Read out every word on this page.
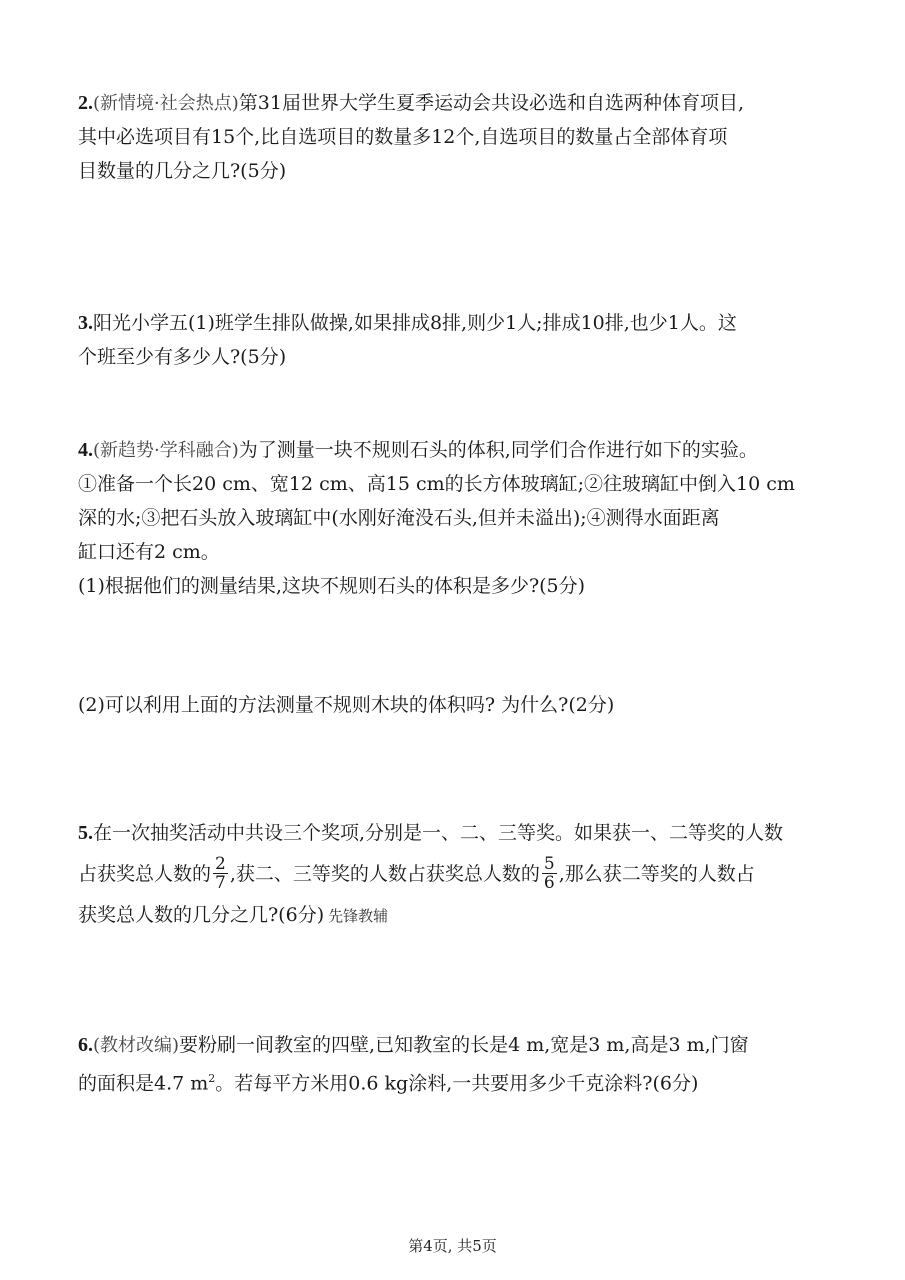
2.(新情境·社会热点)第31届世界大学生夏季运动会共设必选和自选两种体育项目,
其中必选项目有15个,比自选项目的数量多12个,自选项目的数量占全部体育项
目数量的几分之几?(5分)
3.阳光小学五(1)班学生排队做操,如果排成8排,则少1人;排成10排,也少1人。这
个班至少有多少人?(5分)
4.(新趋势·学科融合)为了测量一块不规则石头的体积,同学们合作进行如下的实验。
①准备一个长20 cm、宽12 cm、高15 cm的长方体玻璃缸;②往玻璃缸中倒入10 cm
深的水;③把石头放入玻璃缸中(水刚好淹没石头,但并未溢出);④测得水面距离
缸口还有2 cm。
(1)根据他们的测量结果,这块不规则石头的体积是多少?(5分)
(2)可以利用上面的方法测量不规则木块的体积吗? 为什么?(2分)
5.在一次抽奖活动中共设三个奖项,分别是一、二、三等奖。如果获一、二等奖的人数
占获奖总人数的 $\frac{2}{7}$ ,获二、三等奖的人数占获奖总人数的 $\frac{5}{6}$ ,那么获二等奖的人数占
获奖总人数的几分之几?(6分) 先锋教辅
6.(教材改编)要粉刷一间教室的四壁,已知教室的长是4 m,宽是3 m,高是3 m,门窗
的面积是4.7 $m^2$。若每平方米用0.6 kg涂料,一共要用多少千克涂料?(6分)
第4页, 共5页
